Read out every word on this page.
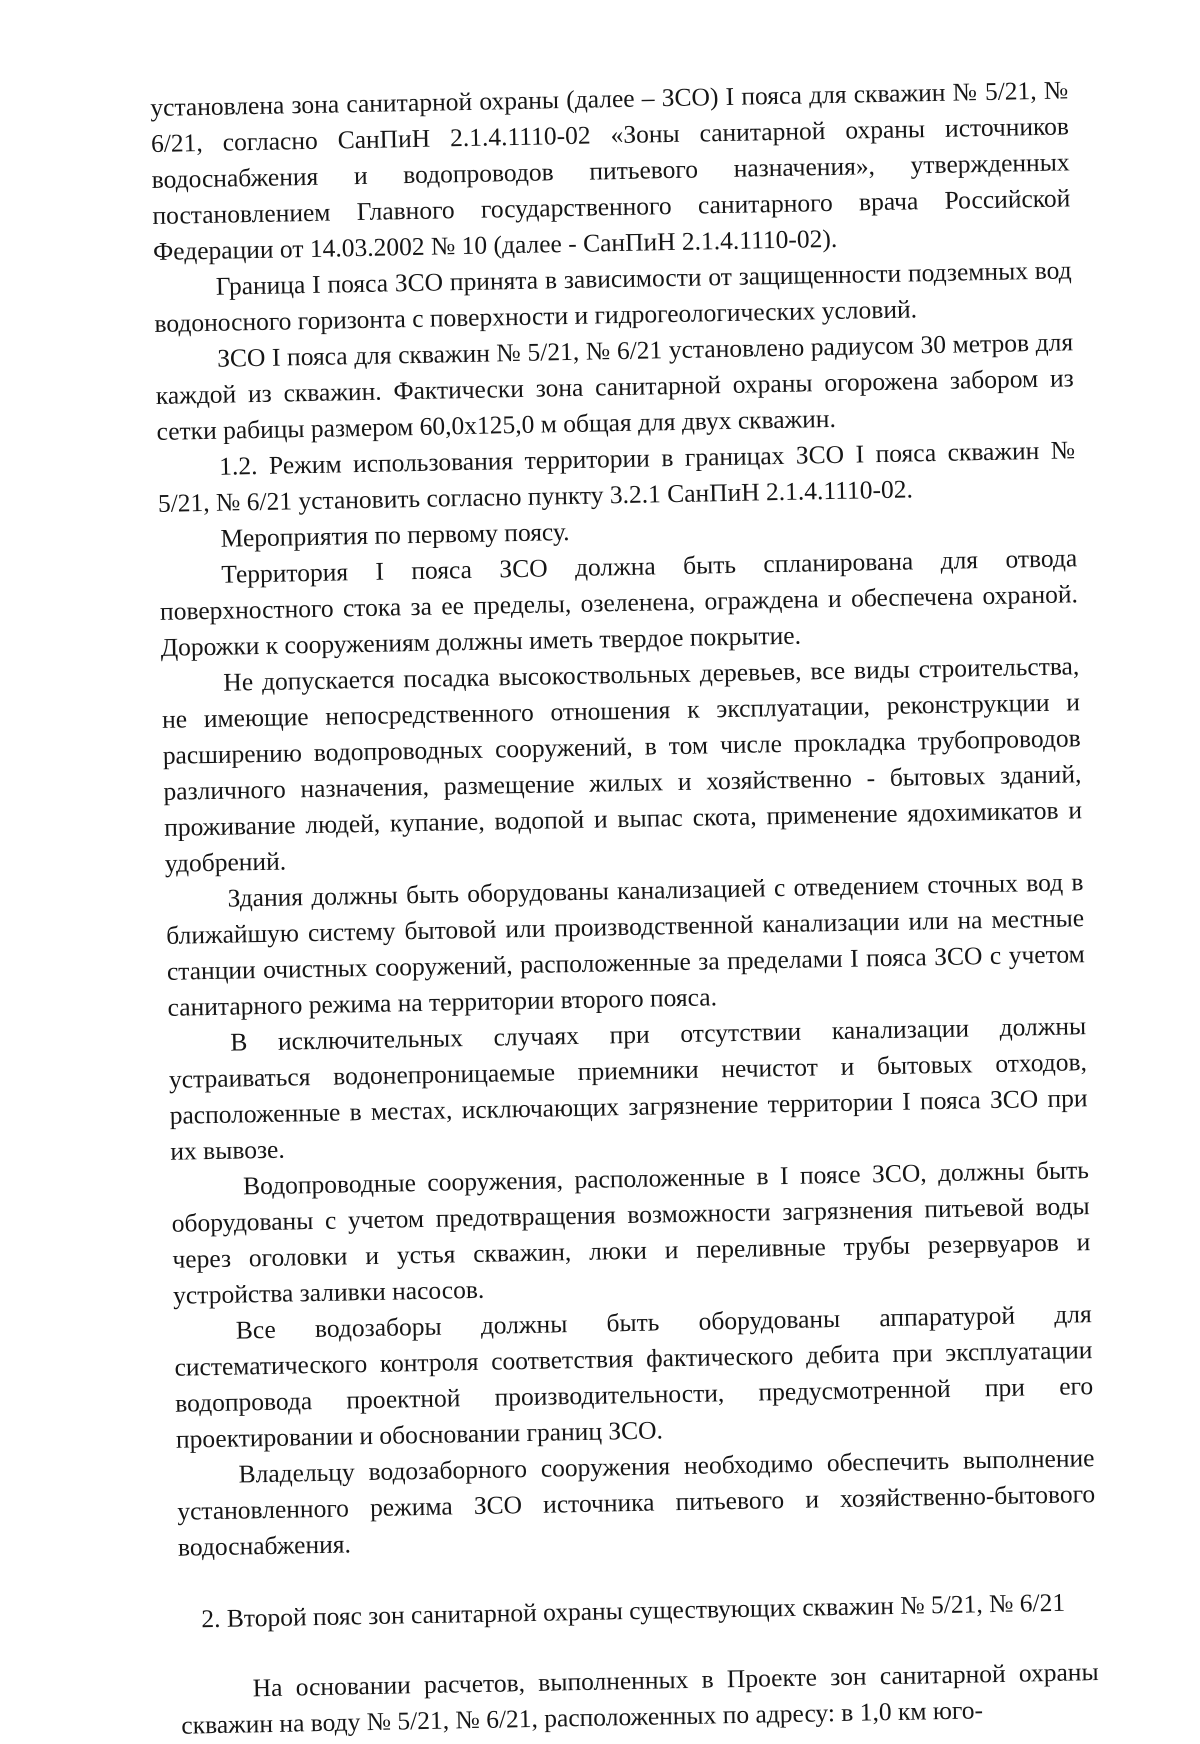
установлена зона санитарной охраны (далее – ЗСО) I пояса для скважин № 5/21, № 6/21, согласно СанПиН 2.1.4.1110-02 «Зоны санитарной охраны источников водоснабжения и водопроводов питьевого назначения», утвержденных постановлением Главного государственного санитарного врача Российской Федерации от 14.03.2002 № 10 (далее - СанПиН 2.1.4.1110-02).

Граница I пояса ЗСО принята в зависимости от защищенности подземных вод водоносного горизонта с поверхности и гидрогеологических условий.

ЗСО I пояса для скважин № 5/21, № 6/21 установлено радиусом 30 метров для каждой из скважин. Фактически зона санитарной охраны огорожена забором из сетки рабицы размером 60,0х125,0 м общая для двух скважин.

1.2. Режим использования территории в границах ЗСО I пояса скважин № 5/21, № 6/21 установить согласно пункту 3.2.1 СанПиН 2.1.4.1110-02.

Мероприятия по первому поясу.

Территория I пояса ЗСО должна быть спланирована для отвода поверхностного стока за ее пределы, озеленена, ограждена и обеспечена охраной. Дорожки к сооружениям должны иметь твердое покрытие.

Не допускается посадка высокоствольных деревьев, все виды строительства, не имеющие непосредственного отношения к эксплуатации, реконструкции и расширению водопроводных сооружений, в том числе прокладка трубопроводов различного назначения, размещение жилых и хозяйственно - бытовых зданий, проживание людей, купание, водопой и выпас скота, применение ядохимикатов и удобрений.

Здания должны быть оборудованы канализацией с отведением сточных вод в ближайшую систему бытовой или производственной канализации или на местные станции очистных сооружений, расположенные за пределами I пояса ЗСО с учетом санитарного режима на территории второго пояса.

В исключительных случаях при отсутствии канализации должны устраиваться водонепроницаемые приемники нечистот и бытовых отходов, расположенные в местах, исключающих загрязнение территории I пояса ЗСО при их вывозе.

Водопроводные сооружения, расположенные в I поясе ЗСО, должны быть оборудованы с учетом предотвращения возможности загрязнения питьевой воды через оголовки и устья скважин, люки и переливные трубы резервуаров и устройства заливки насосов.

Все водозаборы должны быть оборудованы аппаратурой для систематического контроля соответствия фактического дебита при эксплуатации водопровода проектной производительности, предусмотренной при его проектировании и обосновании границ ЗСО.

Владельцу водозаборного сооружения необходимо обеспечить выполнение установленного режима ЗСО источника питьевого и хозяйственно-бытового водоснабжения.

2. Второй пояс зон санитарной охраны существующих скважин № 5/21, № 6/21

На основании расчетов, выполненных в Проекте зон санитарной охраны скважин на воду № 5/21, № 6/21, расположенных по адресу: в 1,0 км юго-
